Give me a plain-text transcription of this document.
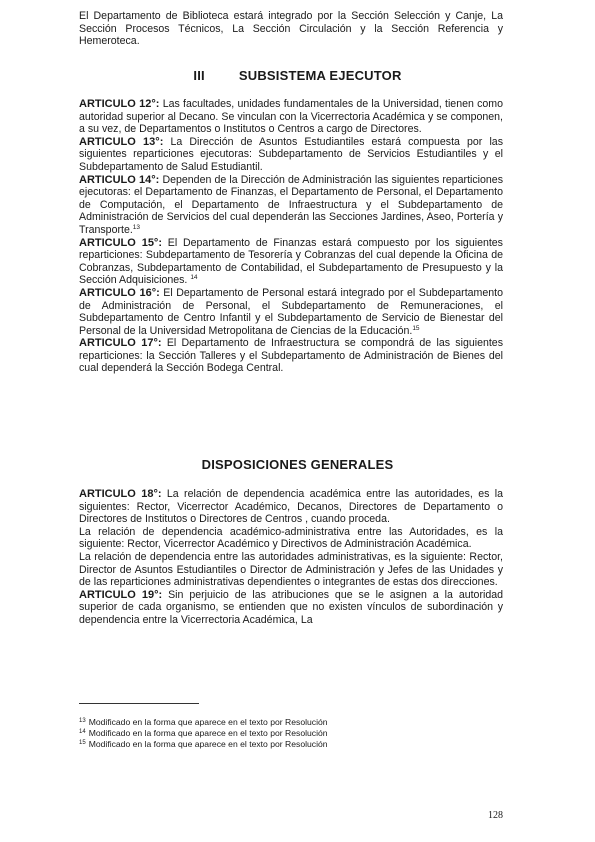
El Departamento de Biblioteca estará integrado por la Sección Selección y Canje, La Sección Procesos Técnicos, La Sección Circulación y la Sección Referencia y Hemeroteca.

III	SUBSISTEMA EJECUTOR

ARTICULO 12°: Las facultades, unidades fundamentales de la Universidad, tienen como autoridad superior al Decano. Se vinculan con la Vicerrectoria Académica y se componen, a su vez, de Departamentos o Institutos o Centros a cargo de Directores.

ARTICULO 13°: La Dirección de Asuntos Estudiantiles estará compuesta por las siguientes reparticiones ejecutoras: Subdepartamento de Servicios Estudiantiles y el Subdepartamento de Salud Estudiantil.

ARTICULO 14°: Dependen de la Dirección de Administración las siguientes reparticiones ejecutoras: el Departamento de Finanzas, el Departamento de Personal, el Departamento de Computación, el Departamento de Infraestructura y el Subdepartamento de Administración de Servicios del cual dependerán las Secciones Jardines, Aseo, Portería y Transporte.$^{13}$

ARTICULO 15°: El Departamento de Finanzas estará compuesto por los siguientes reparticiones: Subdepartamento de Tesorería y Cobranzas del cual depende la Oficina de Cobranzas, Subdepartamento de Contabilidad, el Subdepartamento de Presupuesto y la Sección Adquisiciones. $^{14}$

ARTICULO 16°: El Departamento de Personal estará integrado por el Subdepartamento de Administración de Personal, el Subdepartamento de Remuneraciones, el Subdepartamento de Centro Infantil y el Subdepartamento de Servicio de Bienestar del Personal de la Universidad Metropolitana de Ciencias de la Educación.$^{15}$

ARTICULO 17°: El Departamento de Infraestructura se compondrá de las siguientes reparticiones: la Sección Talleres y el Subdepartamento de Administración de Bienes del cual dependerá la Sección Bodega Central.

DISPOSICIONES GENERALES

ARTICULO 18°: La relación de dependencia académica entre las autoridades, es la siguientes: Rector, Vicerrector Académico, Decanos, Directores de Departamento o Directores de Institutos o Directores de Centros , cuando proceda.

La relación de dependencia académico-administrativa entre las Autoridades, es la siguiente: Rector, Vicerrector Académico y Directivos de Administración Académica.

La relación de dependencia entre las autoridades administrativas, es la siguiente: Rector, Director de Asuntos Estudiantiles o Director de Administración y Jefes de las Unidades y de las reparticiones administrativas dependientes o integrantes de estas dos direcciones.

ARTICULO 19°: Sin perjuicio de las atribuciones que se le asignen a la autoridad superior de cada organismo, se entienden que no existen vínculos de subordinación y dependencia entre la Vicerrectoria Académica, La

$^{13}$ Modificado en la forma que aparece en el texto por Resolución
$^{14}$ Modificado en la forma que aparece en el texto por Resolución
$^{15}$ Modificado en la forma que aparece en el texto por Resolución
128
